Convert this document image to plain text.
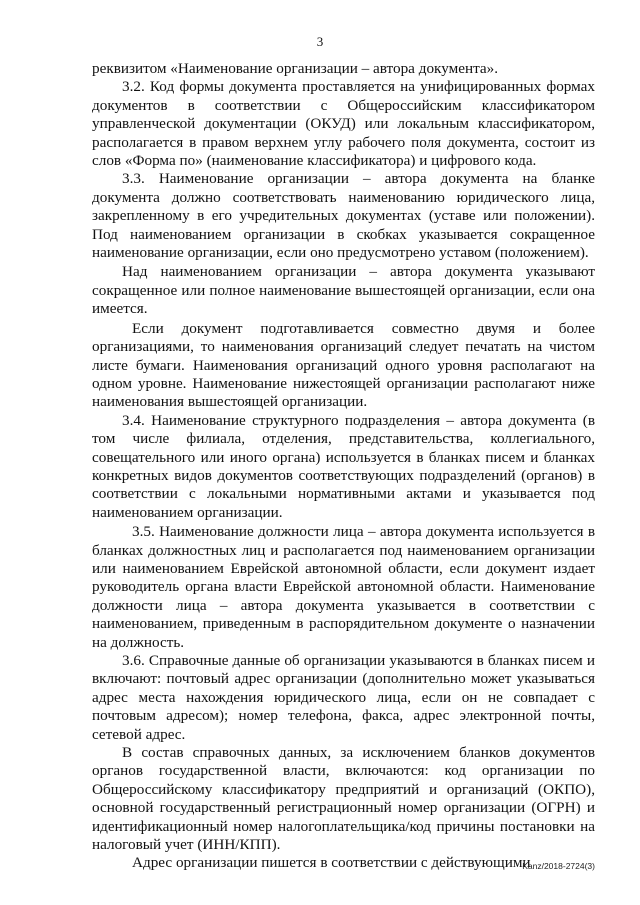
3

реквизитом «Наименование организации – автора документа».

3.2. Код формы документа проставляется на унифицированных формах документов в соответствии с Общероссийским классификатором управленческой документации (ОКУД) или локальным классификатором, располагается в правом верхнем углу рабочего поля документа, состоит из слов «Форма по» (наименование классификатора) и цифрового кода.

3.3. Наименование организации – автора документа на бланке документа должно соответствовать наименованию юридического лица, закрепленному в его учредительных документах (уставе или положении). Под наименованием организации в скобках указывается сокращенное наименование организации, если оно предусмотрено уставом (положением).

Над наименованием организации – автора документа указывают сокращенное или полное наименование вышестоящей организации, если она имеется.

Если документ подготавливается совместно двумя и более организациями, то наименования организаций следует печатать на чистом листе бумаги. Наименования организаций одного уровня располагают на одном уровне. Наименование нижестоящей организации располагают ниже наименования вышестоящей организации.

3.4. Наименование структурного подразделения – автора документа (в том числе филиала, отделения, представительства, коллегиального, совещательного или иного органа) используется в бланках писем и бланках конкретных видов документов соответствующих подразделений (органов) в соответствии с локальными нормативными актами и указывается под наименованием организации.

3.5. Наименование должности лица – автора документа используется в бланках должностных лиц и располагается под наименованием организации или наименованием Еврейской автономной области, если документ издает руководитель органа власти Еврейской автономной области. Наименование должности лица – автора документа указывается в соответствии с наименованием, приведенным в распорядительном документе о назначении на должность.

3.6. Справочные данные об организации указываются в бланках писем и включают: почтовый адрес организации (дополнительно может указываться адрес места нахождения юридического лица, если он не совпадает с почтовым адресом); номер телефона, факса, адрес электронной почты, сетевой адрес.

В состав справочных данных, за исключением бланков документов органов государственной власти, включаются: код организации по Общероссийскому классификатору предприятий и организаций (ОКПО), основной государственный регистрационный номер организации (ОГРН) и идентификационный номер налогоплательщика/код причины постановки на налоговый учет (ИНН/КПП).

Адрес организации пишется в соответствии с действующими

Kanz/2018-2724(3)
